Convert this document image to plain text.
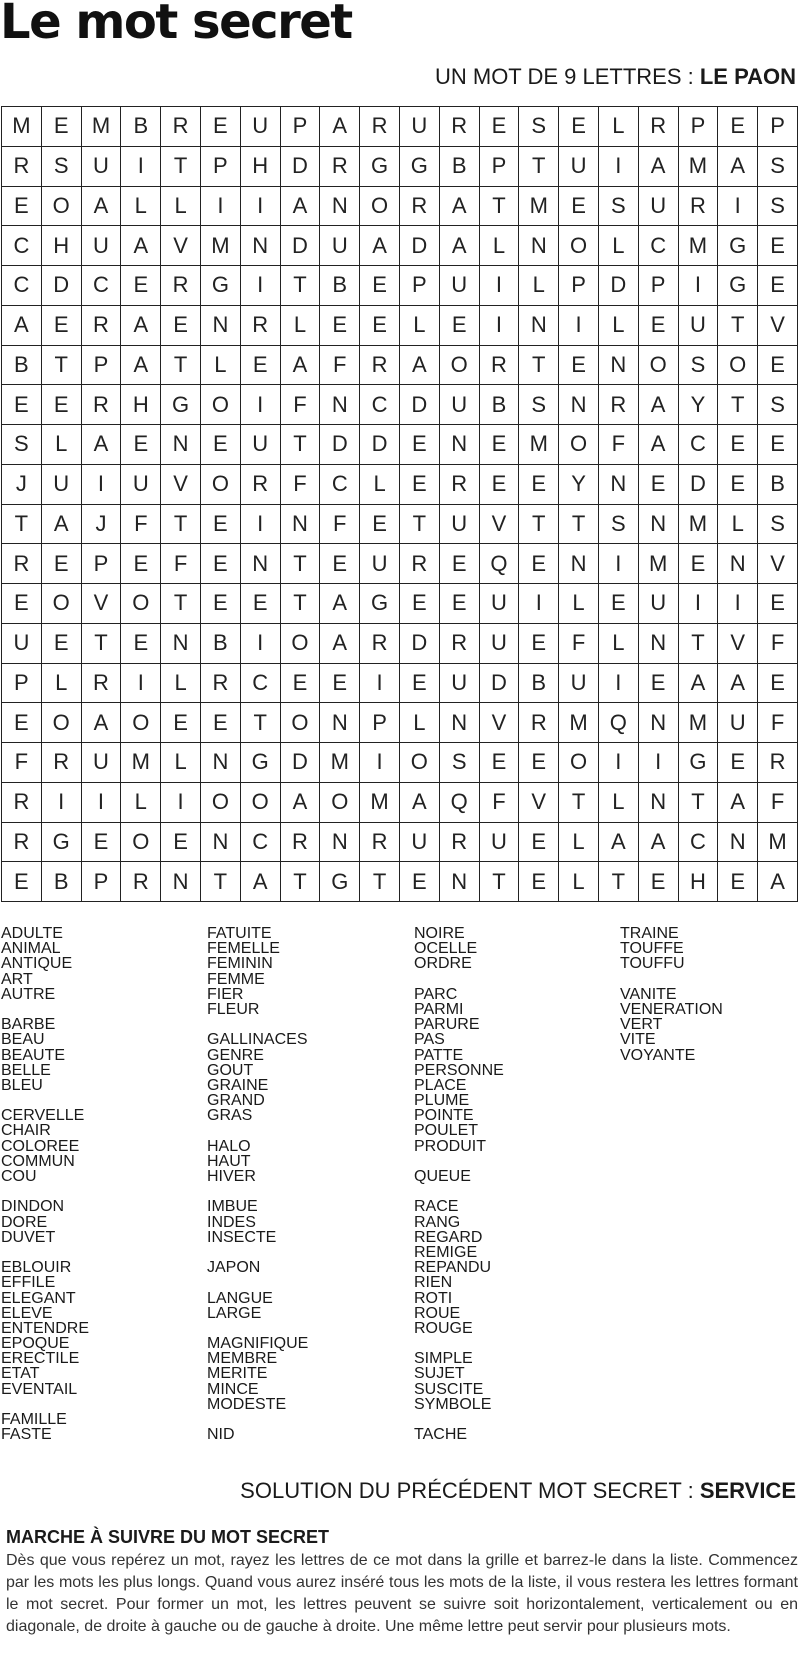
Le mot secret
UN MOT DE 9 LETTRES : LE PAON
M	E	M	B	R	E	U	P	A	R	U	R	E	S	E	L	R	P	E	P
R	S	U	I	T	P	H	D	R	G	G	B	P	T	U	I	A	M	A	S
E	O	A	L	L	I	I	A	N	O	R	A	T	M	E	S	U	R	I	S
C	H	U	A	V	M	N	D	U	A	D	A	L	N	O	L	C	M	G	E
C	D	C	E	R	G	I	T	B	E	P	U	I	L	P	D	P	I	G	E
A	E	R	A	E	N	R	L	E	E	L	E	I	N	I	L	E	U	T	V
B	T	P	A	T	L	E	A	F	R	A	O	R	T	E	N	O	S	O	E
E	E	R	H	G	O	I	F	N	C	D	U	B	S	N	R	A	Y	T	S
S	L	A	E	N	E	U	T	D	D	E	N	E	M	O	F	A	C	E	E
J	U	I	U	V	O	R	F	C	L	E	R	E	E	Y	N	E	D	E	B
T	A	J	F	T	E	I	N	F	E	T	U	V	T	T	S	N	M	L	S
R	E	P	E	F	E	N	T	E	U	R	E	Q	E	N	I	M	E	N	V
E	O	V	O	T	E	E	T	A	G	E	E	U	I	L	E	U	I	I	E
U	E	T	E	N	B	I	O	A	R	D	R	U	E	F	L	N	T	V	F
P	L	R	I	L	R	C	E	E	I	E	U	D	B	U	I	E	A	A	E
E	O	A	O	E	E	T	O	N	P	L	N	V	R	M	Q	N	M	U	F
F	R	U	M	L	N	G	D	M	I	O	S	E	E	O	I	I	G	E	R
R	I	I	L	I	O	O	A	O	M	A	Q	F	V	T	L	N	T	A	F
R	G	E	O	E	N	C	R	N	R	U	R	U	E	L	A	A	C	N	M
E	B	P	R	N	T	A	T	G	T	E	N	T	E	L	T	E	H	E	A
ADULTE
ANIMAL
ANTIQUE
ART
AUTRE
BARBE
BEAU
BEAUTE
BELLE
BLEU
CERVELLE
CHAIR
COLOREE
COMMUN
COU
DINDON
DORE
DUVET
EBLOUIR
EFFILE
ELEGANT
ELEVE
ENTENDRE
EPOQUE
ERECTILE
ETAT
EVENTAIL
FAMILLE
FASTE
FATUITE
FEMELLE
FEMININ
FEMME
FIER
FLEUR
GALLINACES
GENRE
GOUT
GRAINE
GRAND
GRAS
HALO
HAUT
HIVER
IMBUE
INDES
INSECTE
JAPON
LANGUE
LARGE
MAGNIFIQUE
MEMBRE
MERITE
MINCE
MODESTE
NID
NOIRE
OCELLE
ORDRE
PARC
PARMI
PARURE
PAS
PATTE
PERSONNE
PLACE
PLUME
POINTE
POULET
PRODUIT
QUEUE
RACE
RANG
REGARD
REMIGE
REPANDU
RIEN
ROTI
ROUE
ROUGE
SIMPLE
SUJET
SUSCITE
SYMBOLE
TACHE
TRAINE
TOUFFE
TOUFFU
VANITE
VENERATION
VERT
VITE
VOYANTE
SOLUTION DU PRÉCÉDENT MOT SECRET : SERVICE
MARCHE À SUIVRE DU MOT SECRET
Dès que vous repérez un mot, rayez les lettres de ce mot dans la grille et barrez-le dans la liste. Commencez par les mots les plus longs. Quand vous aurez inséré tous les mots de la liste, il vous restera les lettres formant le mot secret. Pour former un mot, les lettres peuvent se suivre soit horizontalement, verticalement ou en diagonale, de droite à gauche ou de gauche à droite. Une même lettre peut servir pour plusieurs mots.
